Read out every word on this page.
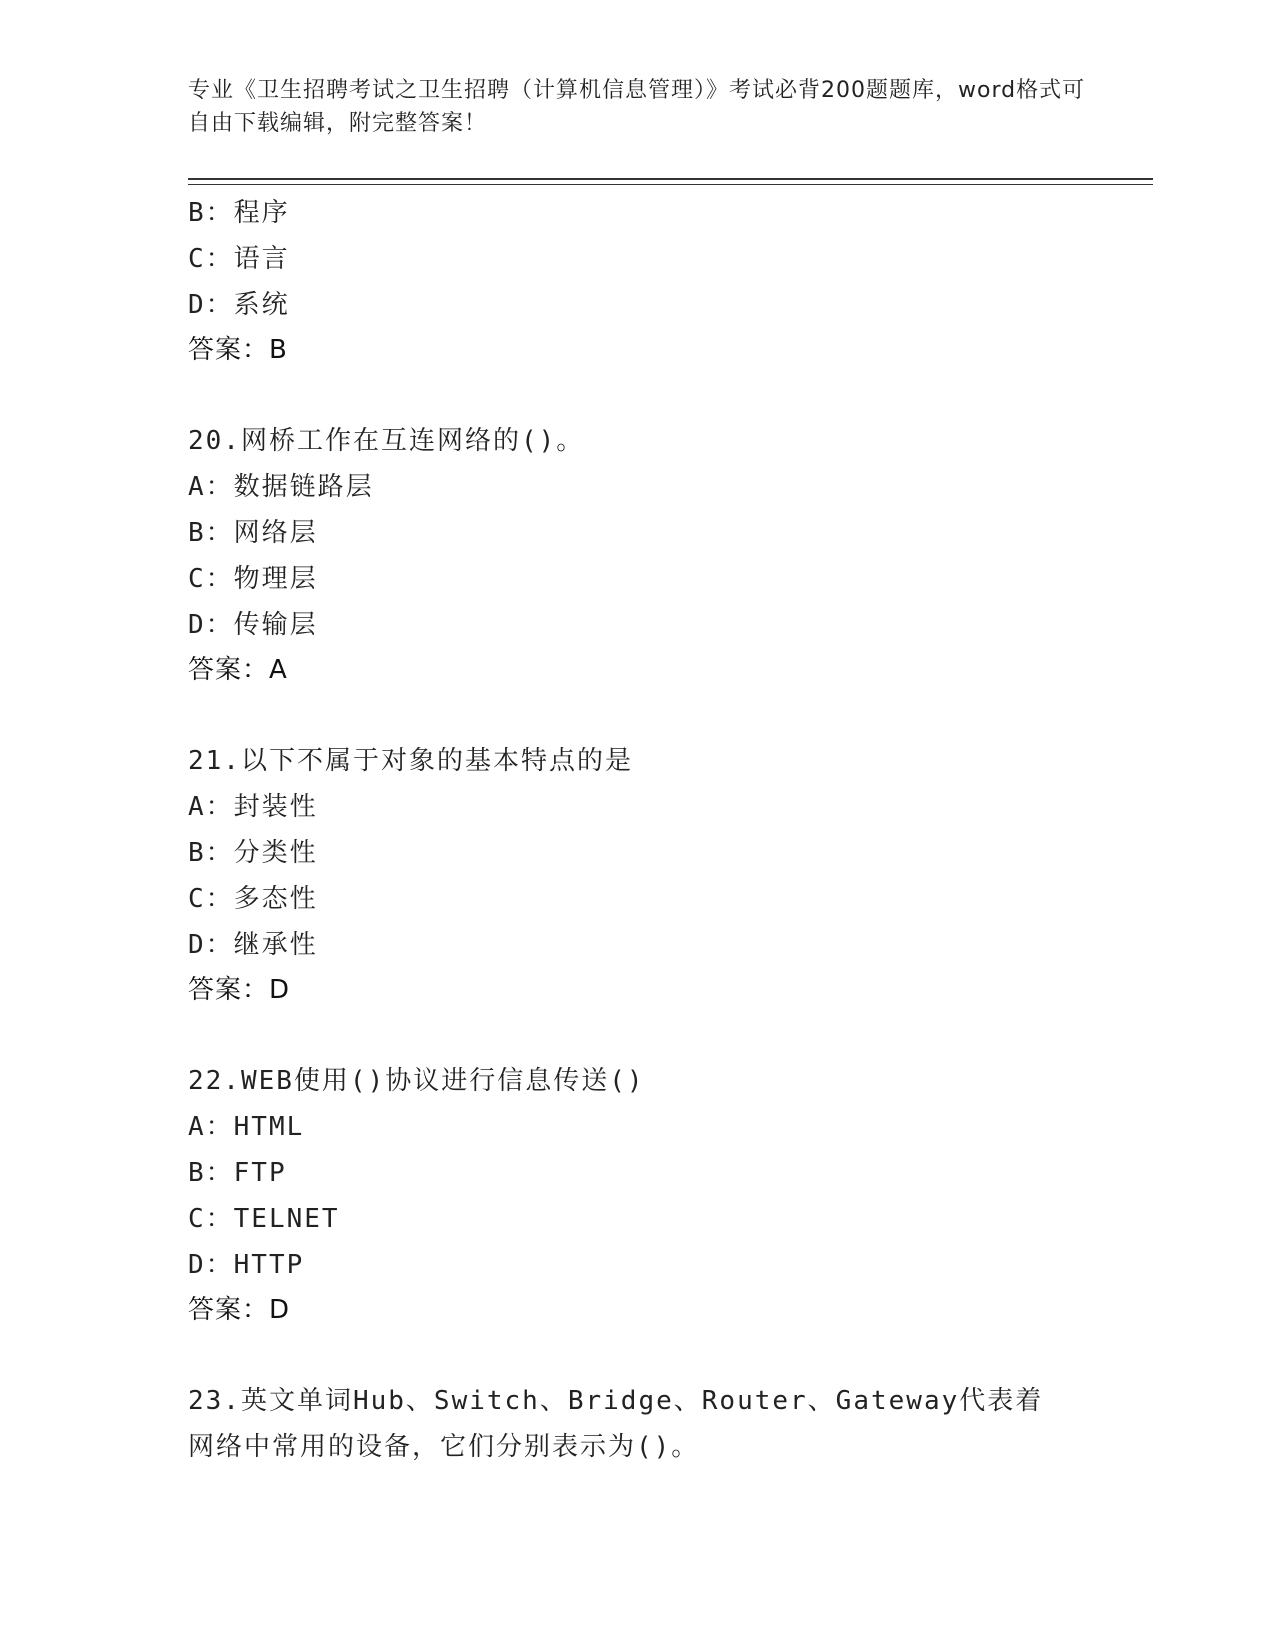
专业《卫生招聘考试之卫生招聘（计算机信息管理）》考试必背200题题库，word格式可自由下载编辑，附完整答案！
B：程序
C：语言
D：系统
答案：B
20.网桥工作在互连网络的()。
A：数据链路层
B：网络层
C：物理层
D：传输层
答案：A
21.以下不属于对象的基本特点的是
A：封装性
B：分类性
C：多态性
D：继承性
答案：D
22.WEB使用()协议进行信息传送()
A：HTML
B：FTP
C：TELNET
D：HTTP
答案：D
23.英文单词Hub、Switch、Bridge、Router、Gateway代表着网络中常用的设备，它们分别表示为()。
